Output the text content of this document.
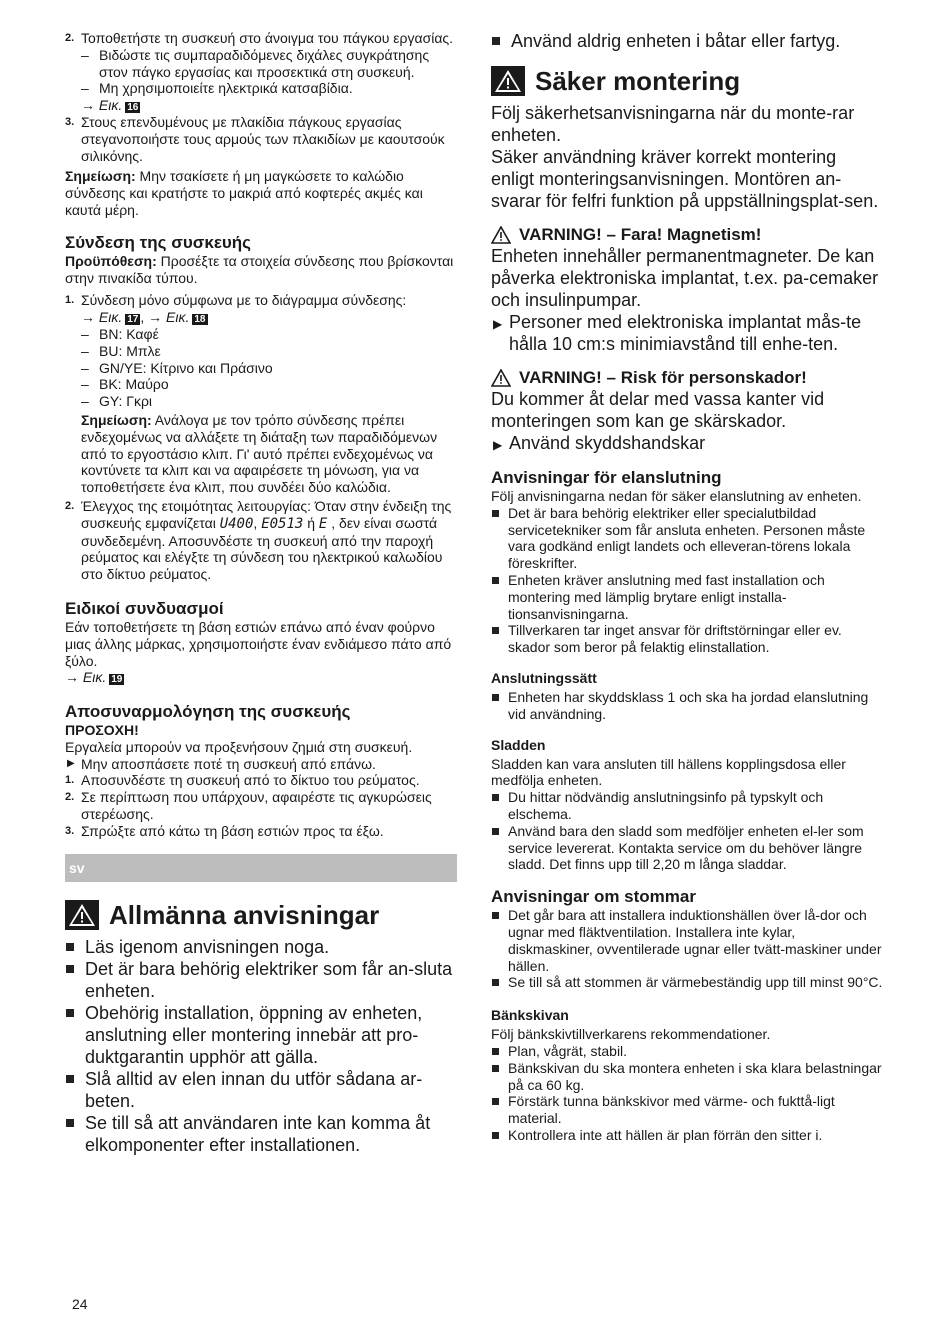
2. Τοποθετήστε τη συσκευή στο άνοιγμα του πάγκου εργασίας.

– Βιδώστε τις συμπαραδιδόμενες διχάλες συγκράτησης στον πάγκο εργασίας και προσεκτικά στη συσκευή.

– Μη χρησιμοποιείτε ηλεκτρικά κατσαβίδια.

→ Εικ. 16

3. Στους επενδυμένους με πλακίδια πάγκους εργασίας στεγανοποιήστε τους αρμούς των πλακιδίων με καουτσούκ σιλικόνης.

Σημείωση: Μην τσακίσετε ή μη μαγκώσετε το καλώδιο σύνδεσης και κρατήστε το μακριά από κοφτερές ακμές και καυτά μέρη.

Σύνδεση της συσκευής

Προϋπόθεση: Προσέξτε τα στοιχεία σύνδεσης που βρίσκονται στην πινακίδα τύπου.

1. Σύνδεση μόνο σύμφωνα με το διάγραμμα σύνδεσης:

→ Εικ. 17 , → Εικ. 18

– BN: Καφέ

– BU: Μπλε

– GN/YE: Κίτρινο και Πράσινο

– BK: Μαύρο

– GY: Γκρι

Σημείωση: Ανάλογα με τον τρόπο σύνδεσης πρέπει ενδεχομένως να αλλάξετε τη διάταξη των παραδιδόμενων από το εργοστάσιο κλιπ. Γι' αυτό πρέπει ενδεχομένως να κοντύνετε τα κλιπ και να αφαιρέσετε τη μόνωση, για να τοποθετήσετε ένα κλιπ, που συνδέει δύο καλώδια.

2. Έλεγχος της ετοιμότητας λειτουργίας: Όταν στην ένδειξη της συσκευής εμφανίζεται U400, E0513 ή E , δεν είναι σωστά συνδεδεμένη. Αποσυνδέστε τη συσκευή από την παροχή ρεύματος και ελέγξτε τη σύνδεση του ηλεκτρικού καλωδίου στο δίκτυο ρεύματος.

Ειδικοί συνδυασμοί

Εάν τοποθετήσετε τη βάση εστιών επάνω από έναν φούρνο μιας άλλης μάρκας, χρησιμοποιήστε έναν ενδιάμεσο πάτο από ξύλο.

→ Εικ. 19

Αποσυναρμολόγηση της συσκευής

ΠΡΟΣΟΧΗ!

Εργαλεία μπορούν να προξενήσουν ζημιά στη συσκευή.

▶ Μην αποσπάσετε ποτέ τη συσκευή από επάνω.

1. Αποσυνδέστε τη συσκευή από το δίκτυο του ρεύματος.

2. Σε περίπτωση που υπάρχουν, αφαιρέστε τις αγκυρώσεις στερέωσης.

3. Σπρώξτε από κάτω τη βάση εστιών προς τα έξω.

sv
Allmänna anvisningar

Läs igenom anvisningen noga.

Det är bara behörig elektriker som får an-sluta enheten.

Obehörig installation, öppning av enheten, anslutning eller montering innebär att pro-duktgarantin upphör att gälla.

Slå alltid av elen innan du utför sådana ar-beten.

Se till så att användaren inte kan komma åt elkomponenter efter installationen.

24

Använd aldrig enheten i båtar eller fartyg.

Säker montering

Följ säkerhetsanvisningarna när du monte-rar enheten.

Säker användning kräver korrekt montering enligt monteringsanvisningen. Montören an-svarar för felfri funktion på uppställningsplat-sen.

VARNING! – Fara! Magnetism!

Enheten innehåller permanentmagneter. De kan påverka elektroniska implantat, t.ex. pa-cemaker och insulinpumpar.

▶ Personer med elektroniska implantat mås-te hålla 10 cm:s minimiavstånd till enhe-ten.

VARNING! – Risk för personskador!

Du kommer åt delar med vassa kanter vid monteringen som kan ge skärskador.

▶ Använd skyddshandskar

Anvisningar för elanslutning

Följ anvisningarna nedan för säker elanslutning av enheten.

Det är bara behörig elektriker eller specialutbildad servicetekniker som får ansluta enheten. Personen måste vara godkänd enligt landets och elleveran-törens lokala föreskrifter.

Enheten kräver anslutning med fast installation och montering med lämplig brytare enligt installa-tionsanvisningarna.

Tillverkaren tar inget ansvar för driftstörningar eller ev. skador som beror på felaktig elinstallation.

Anslutningssätt

Enheten har skyddsklass 1 och ska ha jordad elanslutning vid användning.

Sladden

Sladden kan vara ansluten till hällens kopplingsdosa eller medfölja enheten.

Du hittar nödvändig anslutningsinfo på typskylt och elschema.

Använd bara den sladd som medföljer enheten el-ler som service levererat. Kontakta service om du behöver längre sladd. Det finns upp till 2,20 m långa sladdar.

Anvisningar om stommar

Det går bara att installera induktionshällen över lå-dor och ugnar med fläktventilation. Installera inte kylar, diskmaskiner, ovventilerade ugnar eller tvätt-maskiner under hällen.

Se till så att stommen är värmebeständig upp till minst 90°C.

Bänkskivan

Följ bänkskivtillverkarens rekommendationer.

Plan, vågrät, stabil.

Bänkskivan du ska montera enheten i ska klara belastningar på ca 60 kg.

Förstärk tunna bänkskivor med värme- och fukttå-ligt material.

Kontrollera inte att hällen är plan förrän den sitter i.
